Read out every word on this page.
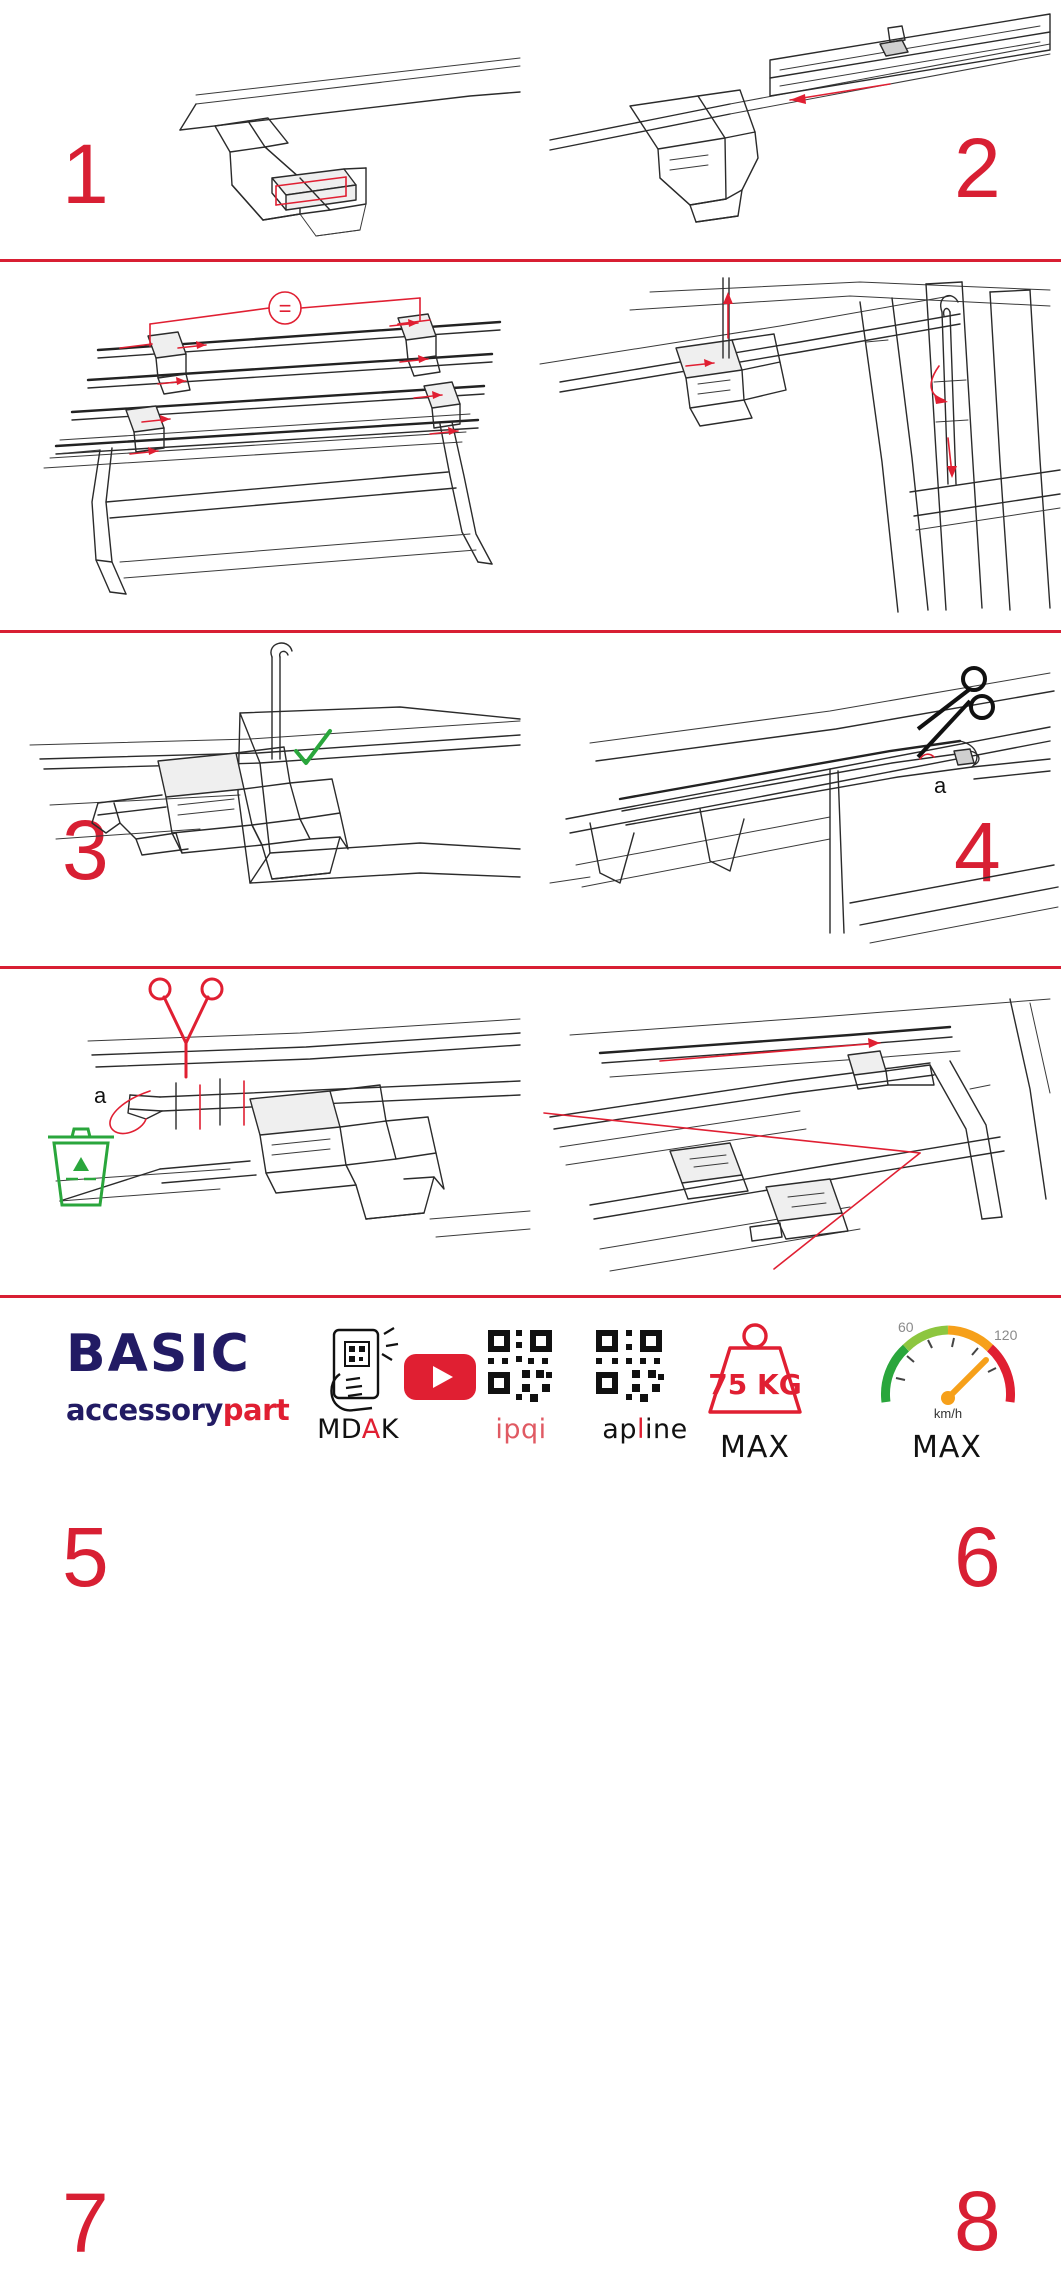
1	2
=
3	4
5
a
6
a
7	8
BASIC
accessorypart
MDAK	ipqi	apline
75 KG
MAX
60	120
km/h
MAX
